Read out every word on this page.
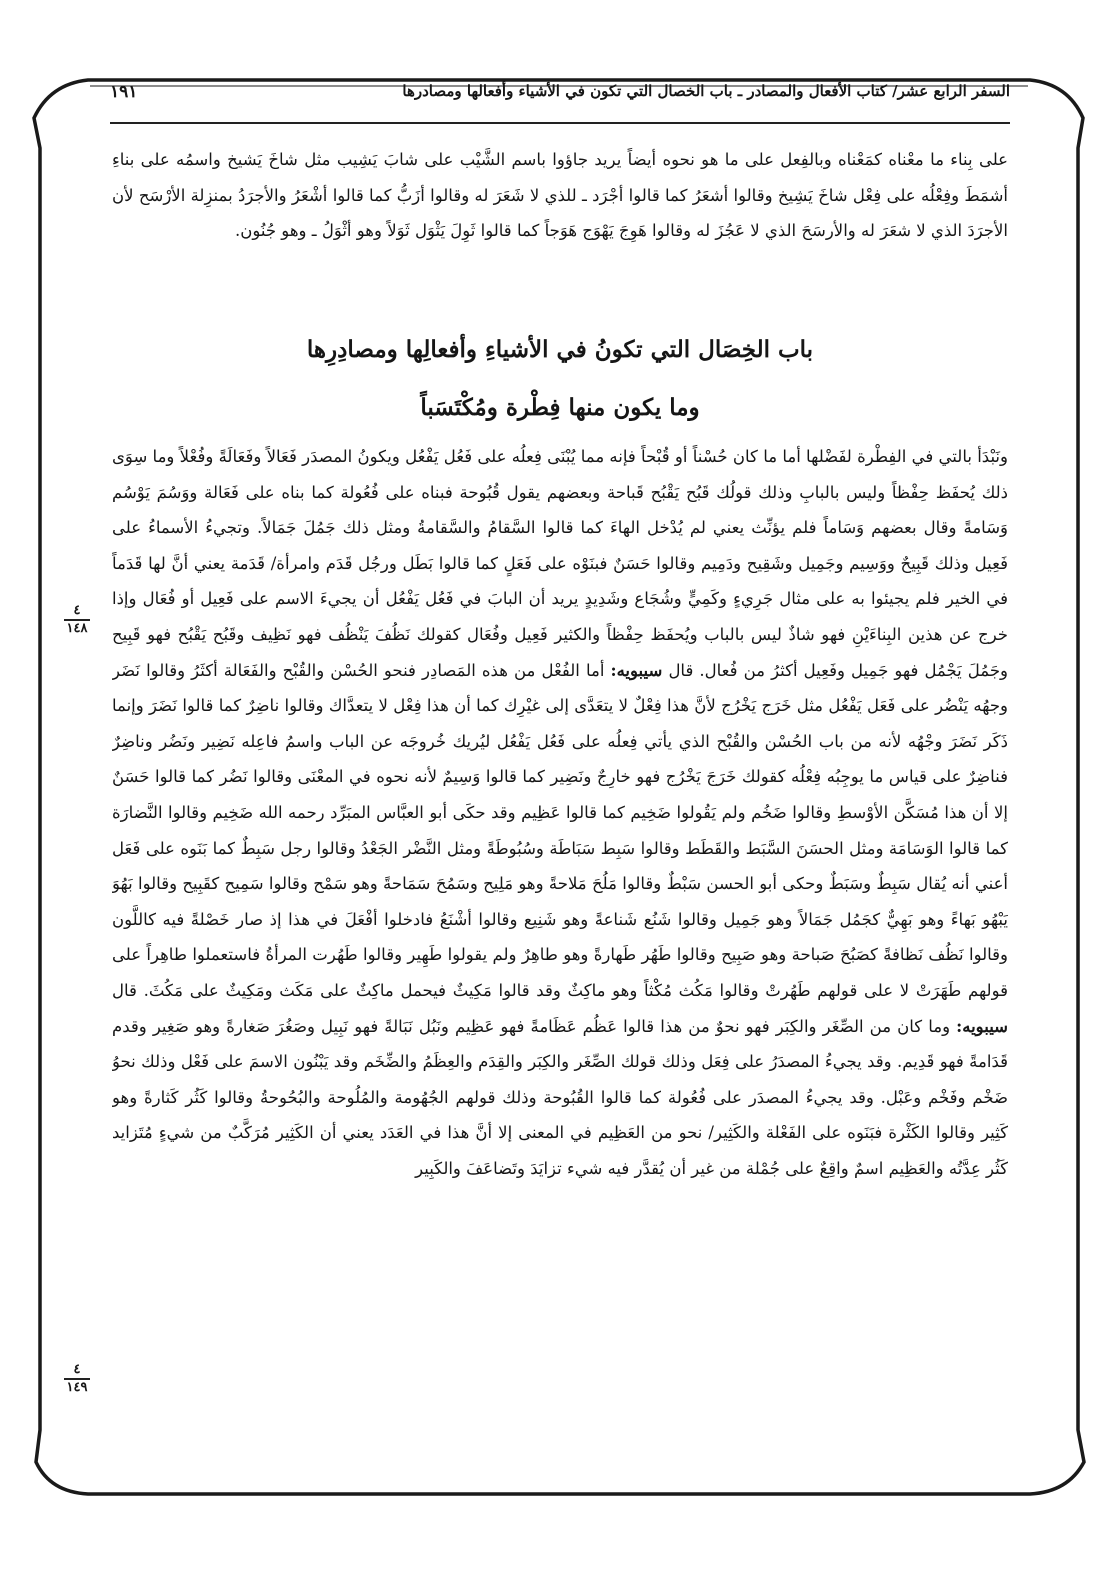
السفر الرابع عشر/ كتاب الأفعال والمصادر ـ باب الخصال التي تكون في الأشياء وأفعالها ومصادرها
١٩١

على بِناء ما معْناه كمَعْناه وبالفِعل على ما هو نحوه أيضاً يريد جاؤوا باسم الشَّيْب على شابَ يَشِيب مثل شاخَ يَشيخ واسمُه على بناءِ أشمَطَ وفِعْلُه على فِعْل شاخَ يَشِيخ وقالوا أشعَرُ كما قالوا أجْرَد ـ للذي لا شَعَرَ له وقالوا أزَبُّ كما قالوا أشْعَرُ والأجرَدُ بمنزِلة الأرْسَح لأن الأجرَدَ الذي لا شعَرَ له والأرسَحَ الذي لا عَجُزَ له وقالوا هَوِجَ يَهْوَج هَوَجاً كما قالوا ثَوِلَ يَثْوَل ثَوَلاً وهو أثْوَلُ ـ وهو جُنُون.

باب الخِصَال التي تكونُ في الأشياءِ وأفعالِها ومصادِرِها
وما يكون منها فِطْرة ومُكْتَسَباً

ونَبْدَأ بالتي في الفِطْرة لفَضْلها أما ما كان حُسْناً أو قُبْحاً فإنه مما يُبْنَى فِعلُه على فَعُل يَفْعُل ويكونُ المصدَر فَعَالاً وفَعَالَةً وفُعْلاً وما سِوَى ذلك يُحفَظ حِفْظاً وليس بالبابِ وذلك قولُك قَبُح يَقْبُح قَباحة وبعضهم يقول قُبُوحة فبناه على فُعُولة كما بناه على فَعَالة ووَسُمَ يَوْسُم وَسَامةً وقال بعضهم وَسَاماً فلم يؤنِّث يعني لم يُدْخل الهاءَ كما قالوا السَّقامُ والسَّقامةُ ومثل ذلك جَمُلَ جَمَالاً. وتجيءُ الأسماءُ على فَعِيل وذلك قَبِيحٌ ووَسِيم وجَمِيل وشَقِيح ودَمِيم وقالوا حَسَنٌ فبنَوْه على فَعَلٍ كما قالوا بَطَل ورجُل قَدَم وامرأة/ قَدَمة يعني أنَّ لها قَدَماً في الخير فلم يجيئوا به على مثال جَرِيءٍ وكَمِيٍّ وشُجَاع وشَدِيدٍ يريد أن البابَ في فَعُل يَفْعُل أن يجيءَ الاسم على فَعِيل أو فُعَال وإذا خرج عن هذين البِناءَيْنِ فهو شاذٌ ليس بالباب ويُحفَظ حِفْظاً والكثير فَعِيل وفُعَال كقولك نَظُفَ يَنْظُف فهو نَظِيف وقَبُح يَقْبُح فهو قَبِيح وجَمُلَ يَجْمُل فهو جَمِيل وفَعِيل أكثرُ من فُعال. قال سيبويه: أما الفُعْل من هذه المَصادِر فنحو الحُسْن والقُبْح والفَعَالة أكثَرُ وقالوا نَضَر وجهُه يَنْضُر على فَعَل يَفْعُل مثل خَرَج يَخْرُج لأنَّ هذا فِعْلٌ لا يتعَدَّى إلى غيْرِك كما أن هذا فِعْل لا يتعدَّاك وقالوا ناضِرٌ كما قالوا نَضَرَ وإنما ذَكَر نَضَرَ وجْهُه لأنه من باب الحُسْن والقُبْح الذي يأتي فِعلُه على فَعُل يَفْعُل ليُريك خُروجَه عن الباب واسمُ فاعِله نَضِير ونَضُر وناضِرٌ فناضِرٌ على قياس ما يوجِبُه فِعْلُه كقولك خَرَجَ يَخْرُج فهو خارِجٌ ونَضِير كما قالوا وَسِيمٌ لأنه نحوه في المعْنَى وقالوا نَضُر كما قالوا حَسَنٌ إلا أن هذا مُسَكَّن الأوْسطِ وقالوا ضَخُم ولم يَقُولوا ضَخِيم كما قالوا عَظِيم وقد حكَى أبو العبَّاس المبَرِّد رحمه الله ضَخِيم وقالوا النَّضارَة كما قالوا الوَسَامَة ومثل الحسَنَ السَّبَط والقَطَط وقالوا سَبِط سَبَاطَة وسُبُوطَةً ومثل النَّضْر الجَعْدُ وقالوا رجل سَبِطٌ كما بَنَوه على فَعَل أعني أنه يُقال سَبِطٌ وسَبَطٌ وحكى أبو الحسن سَبْطٌ وقالوا مَلُحَ مَلاحةً وهو مَلِيح وسَمُحَ سَمَاحةً وهو سَمْح وقالوا سَمِيح كقَبِيح وقالوا بَهُوَ يَبْهُو بَهاءً وهو بَهِيٌّ كجَمُل جَمَالاً وهو جَمِيل وقالوا شَنُع شَناعةً وهو شَنِيع وقالوا أشْنَعُ فادخلوا أفْعَلَ في هذا إذ صار خَصْلةً فيه كاللَّون وقالوا نَظُف نَظافةً كصَبُحَ صَباحة وهو صَبِيح وقالوا طَهُر طَهارةً وهو طاهِرٌ ولم يقولوا طَهِير وقالوا طَهُرت المرأةُ فاستعملوا طاهِراً على قولهم طَهَرَتْ لا على قولهم طَهُرتْ وقالوا مَكُث مُكْثاً وهو ماكِثٌ وقد قالوا مَكِيثٌ فيحمل ماكِثٌ على مَكَث ومَكِيثٌ على مَكُثَ. قال سيبويه: وما كان من الصِّغَر والكِبَر فهو نحوٌ من هذا قالوا عَظُم عَظَامةً فهو عَظِيم ونَبُل نَبَالةً فهو نَبِيل وصَغُرَ صَغارةً وهو صَغِير وقدم قَدَامةً فهو قَدِيم. وقد يجيءُ المصدَرُ على فِعَل وذلك قولك الصِّغَر والكِبَر والقِدَم والعِظَمُ والضِّخَم وقد يَبْنُون الاسمَ على فَعْل وذلك نحوُ ضَخْم وفَخْم وعَبْل. وقد يجيءُ المصدَر على فُعُولة كما قالوا القُبُوحة وذلك قولهم الجُهُومة والمُلُوحة والبُحُوحةُ وقالوا كَثُر كَثارةً وهو كَثِير وقالوا الكَثْرة فبَنَوه على الفَعْلة والكَثِير/ نحو من العَظِيم في المعنى إلا أنَّ هذا في العَدَد يعني أن الكَثِير مُرَكَّبٌ من شيءٍ مُتَزايد كَثُر عِدَّتُه والعَظِيم اسمٌ واقِعٌ على جُمْلة من غير أن يُقدَّر فيه شيء تزايَدَ وتَضاعَفَ والكَبِير

٤
١٤٨
٤
١٤٩
